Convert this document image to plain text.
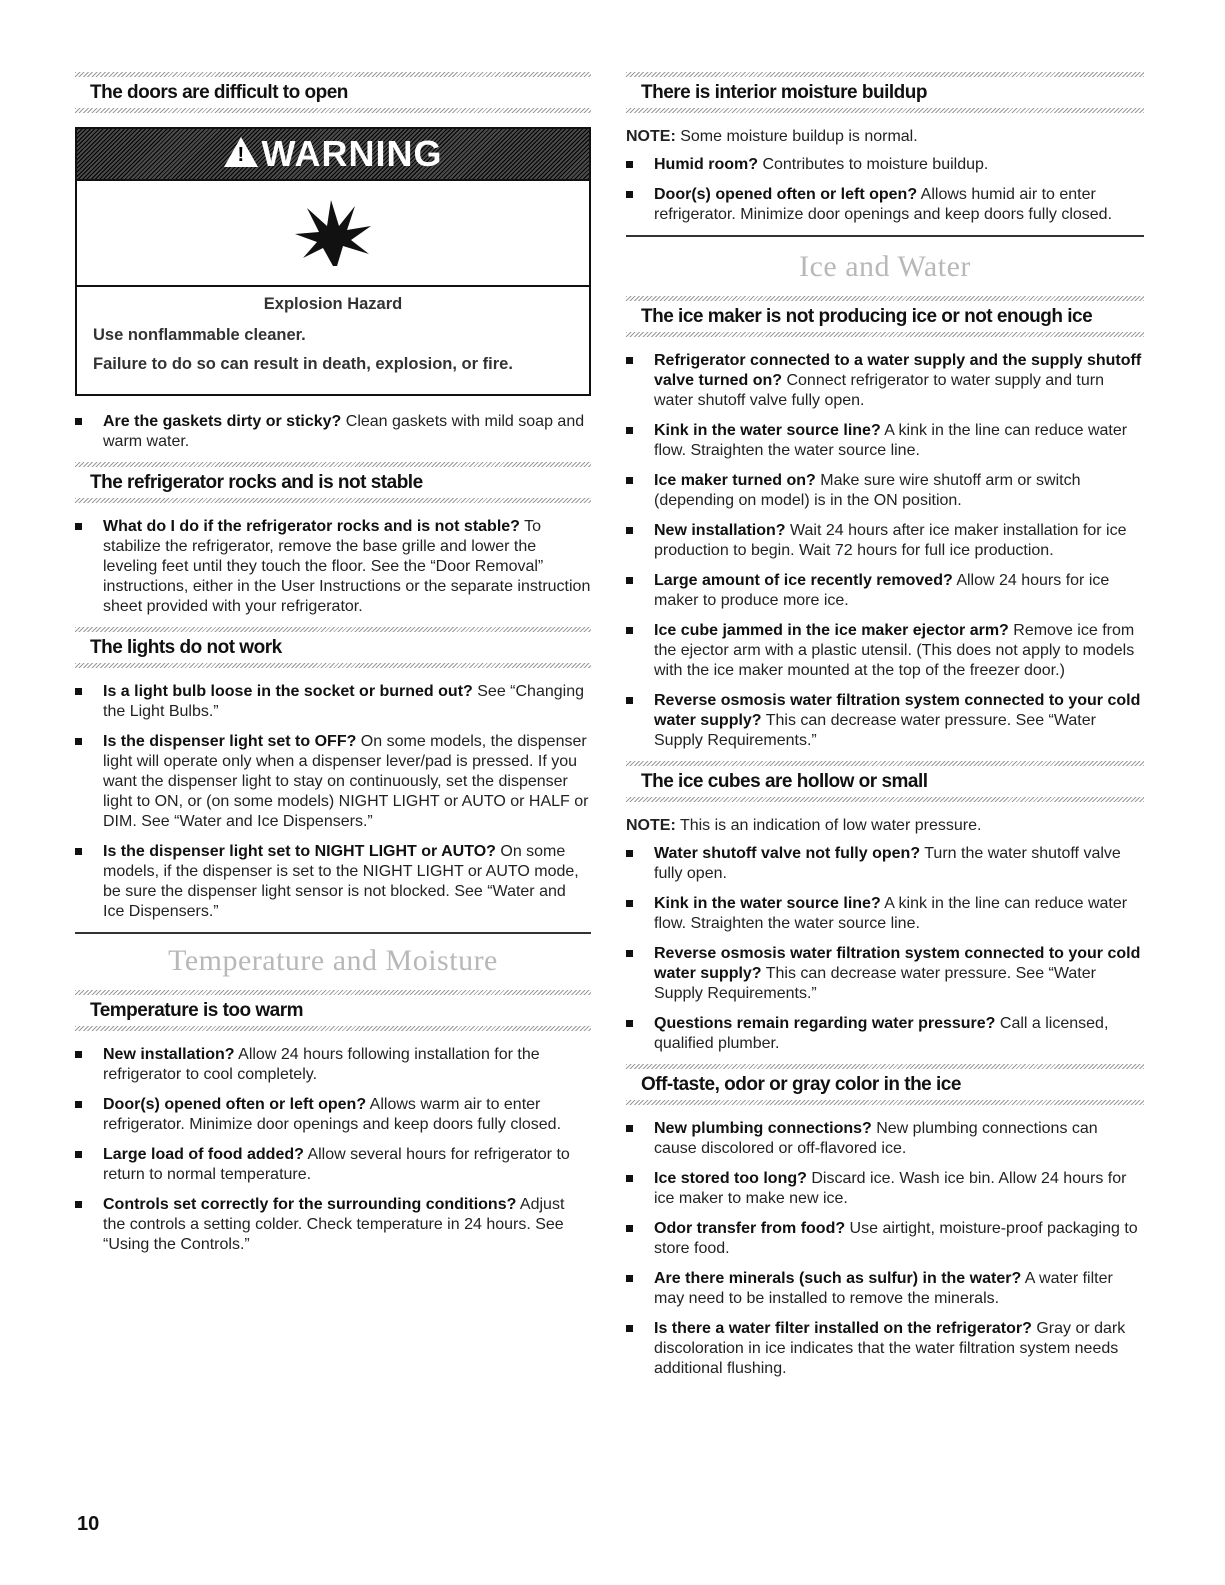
The doors are difficult to open
! WARNING
Explosion Hazard
Use nonflammable cleaner.
Failure to do so can result in death, explosion, or fire.
Are the gaskets dirty or sticky? Clean gaskets with mild soap and warm water.
The refrigerator rocks and is not stable
What do I do if the refrigerator rocks and is not stable? To stabilize the refrigerator, remove the base grille and lower the leveling feet until they touch the floor. See the “Door Removal” instructions, either in the User Instructions or the separate instruction sheet provided with your refrigerator.
The lights do not work
Is a light bulb loose in the socket or burned out? See “Changing the Light Bulbs.”
Is the dispenser light set to OFF? On some models, the dispenser light will operate only when a dispenser lever/pad is pressed. If you want the dispenser light to stay on continuously, set the dispenser light to ON, or (on some models) NIGHT LIGHT or AUTO or HALF or DIM. See “Water and Ice Dispensers.”
Is the dispenser light set to NIGHT LIGHT or AUTO? On some models, if the dispenser is set to the NIGHT LIGHT or AUTO mode, be sure the dispenser light sensor is not blocked. See “Water and Ice Dispensers.”
Temperature and Moisture
Temperature is too warm
New installation? Allow 24 hours following installation for the refrigerator to cool completely.
Door(s) opened often or left open? Allows warm air to enter refrigerator. Minimize door openings and keep doors fully closed.
Large load of food added? Allow several hours for refrigerator to return to normal temperature.
Controls set correctly for the surrounding conditions? Adjust the controls a setting colder. Check temperature in 24 hours. See “Using the Controls.”
There is interior moisture buildup
NOTE: Some moisture buildup is normal.
Humid room? Contributes to moisture buildup.
Door(s) opened often or left open? Allows humid air to enter refrigerator. Minimize door openings and keep doors fully closed.
Ice and Water
The ice maker is not producing ice or not enough ice
Refrigerator connected to a water supply and the supply shutoff valve turned on? Connect refrigerator to water supply and turn water shutoff valve fully open.
Kink in the water source line? A kink in the line can reduce water flow. Straighten the water source line.
Ice maker turned on? Make sure wire shutoff arm or switch (depending on model) is in the ON position.
New installation? Wait 24 hours after ice maker installation for ice production to begin. Wait 72 hours for full ice production.
Large amount of ice recently removed? Allow 24 hours for ice maker to produce more ice.
Ice cube jammed in the ice maker ejector arm? Remove ice from the ejector arm with a plastic utensil. (This does not apply to models with the ice maker mounted at the top of the freezer door.)
Reverse osmosis water filtration system connected to your cold water supply? This can decrease water pressure. See “Water Supply Requirements.”
The ice cubes are hollow or small
NOTE: This is an indication of low water pressure.
Water shutoff valve not fully open? Turn the water shutoff valve fully open.
Kink in the water source line? A kink in the line can reduce water flow. Straighten the water source line.
Reverse osmosis water filtration system connected to your cold water supply? This can decrease water pressure. See “Water Supply Requirements.”
Questions remain regarding water pressure? Call a licensed, qualified plumber.
Off-taste, odor or gray color in the ice
New plumbing connections? New plumbing connections can cause discolored or off-flavored ice.
Ice stored too long? Discard ice. Wash ice bin. Allow 24 hours for ice maker to make new ice.
Odor transfer from food? Use airtight, moisture-proof packaging to store food.
Are there minerals (such as sulfur) in the water? A water filter may need to be installed to remove the minerals.
Is there a water filter installed on the refrigerator? Gray or dark discoloration in ice indicates that the water filtration system needs additional flushing.
10
